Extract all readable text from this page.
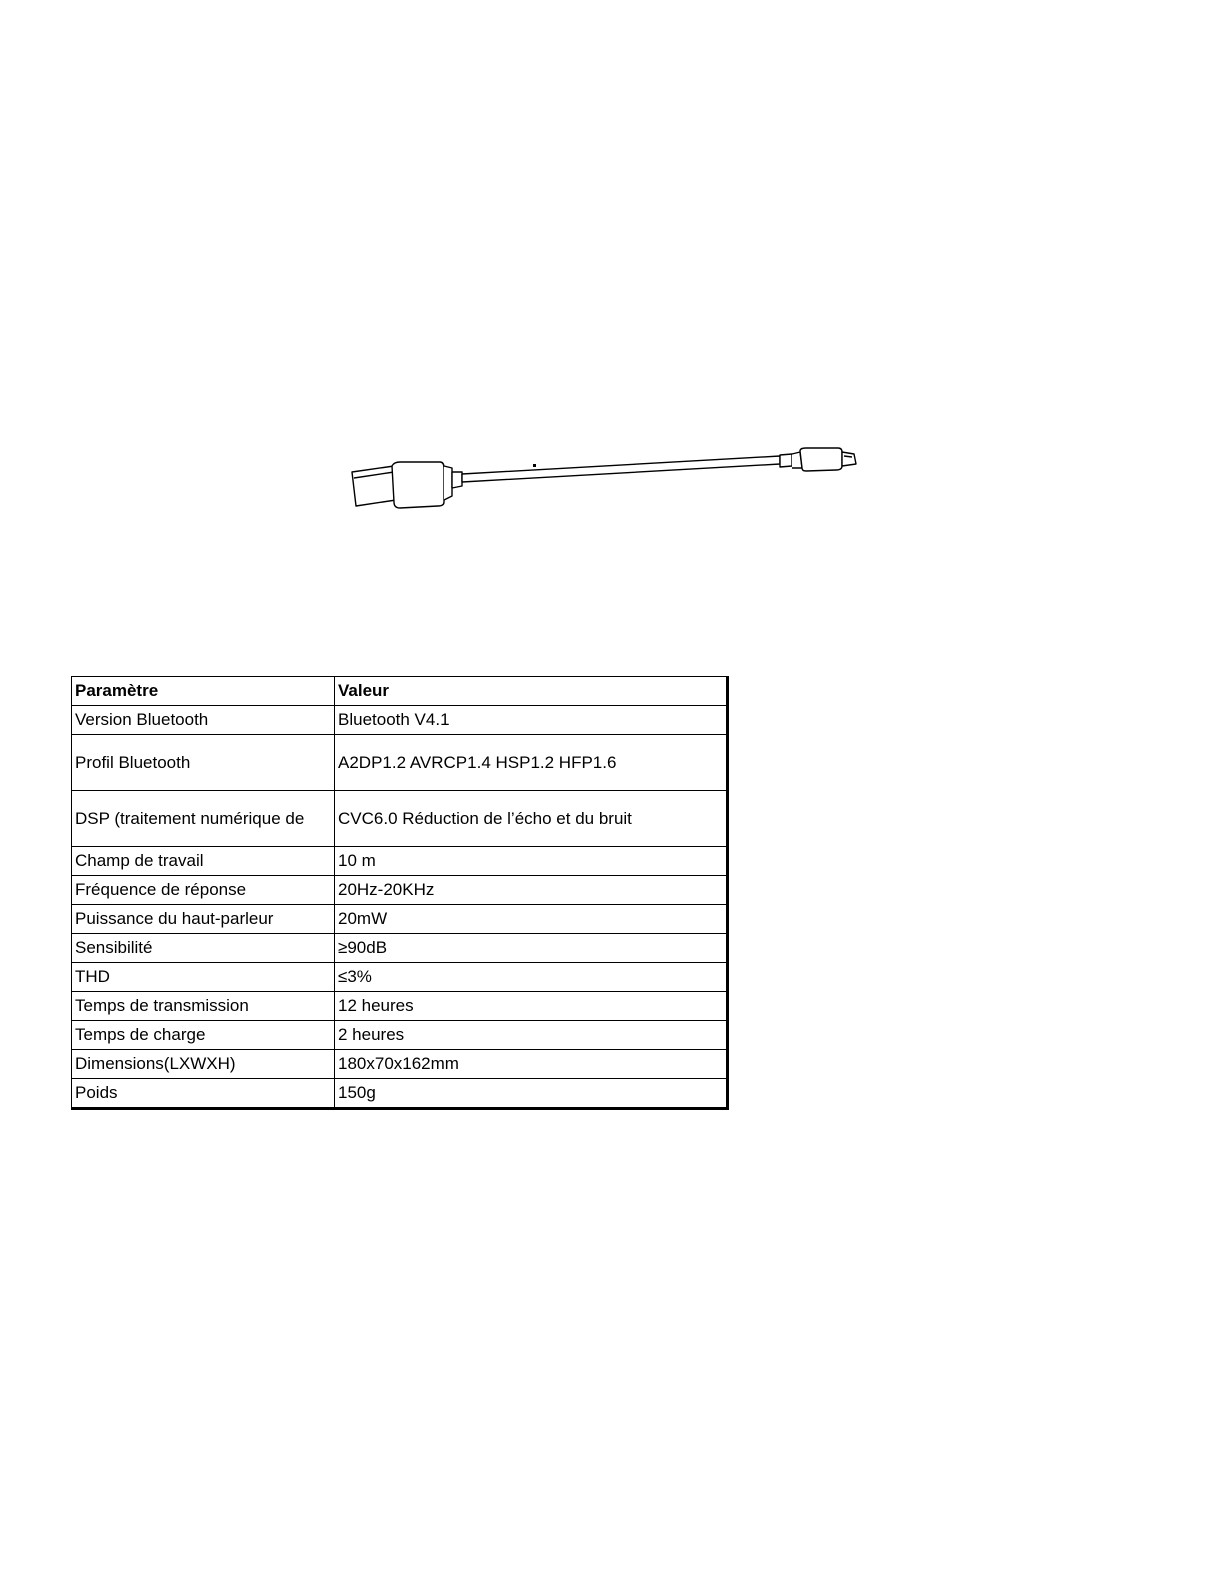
Paramètre	Valeur
Version Bluetooth	Bluetooth V4.1
Profil Bluetooth	A2DP1.2 AVRCP1.4 HSP1.2 HFP1.6
DSP (traitement numérique de	CVC6.0 Réduction de l’écho et du bruit
Champ de travail	10 m
Fréquence de réponse	20Hz-20KHz
Puissance du haut-parleur	20mW
Sensibilité	≥90dB
THD	≤3%
Temps de transmission	12 heures
Temps de charge	2 heures
Dimensions(LXWXH)	180x70x162mm
Poids	150g
